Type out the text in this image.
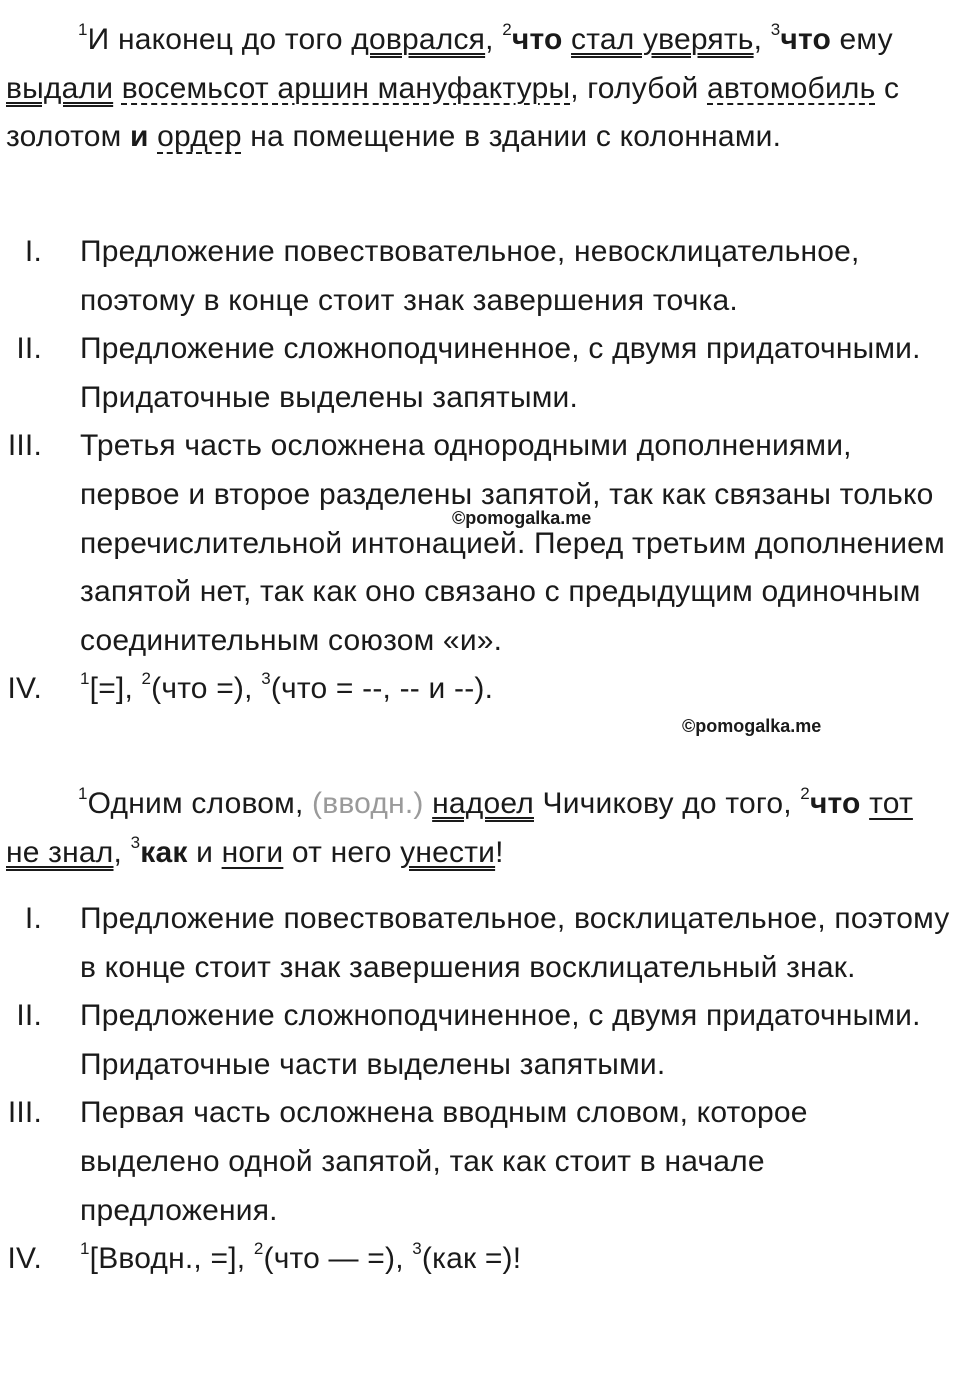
$^1$И наконец до того доврался, $^2$что стал уверять, $^3$что ему выдали восемьсот аршин мануфактуры, голубой автомобиль с золотом и ордер на помещение в здании с колоннами.
I. Предложение повествовательное, невосклицательное, поэтому в конце стоит знак завершения точка.
II. Предложение сложноподчиненное, с двумя придаточными. Придаточные выделены запятыми.
III. Третья часть осложнена однородными дополнениями, первое и второе разделены запятой, так как связаны только перечислительной интонацией. Перед третьим дополнением запятой нет, так как оно связано с предыдущим одиночным соединительным союзом «и».
IV. $^1$[=], $^2$(что =), $^3$(что = --, -- и --).
$^1$Одним словом, (вводн.) надоел Чичикову до того, $^2$что тот не знал, $^3$как и ноги от него унести!
I. Предложение повествовательное, восклицательное, поэтому в конце стоит знак завершения восклицательный знак.
II. Предложение сложноподчиненное, с двумя придаточными. Придаточные части выделены запятыми.
III. Первая часть осложнена вводным словом, которое выделено одной запятой, так как стоит в начале предложения.
IV. $^1$[Вводн., =], $^2$(что — =), $^3$(как =)!
©pomogalka.me
©pomogalka.me
